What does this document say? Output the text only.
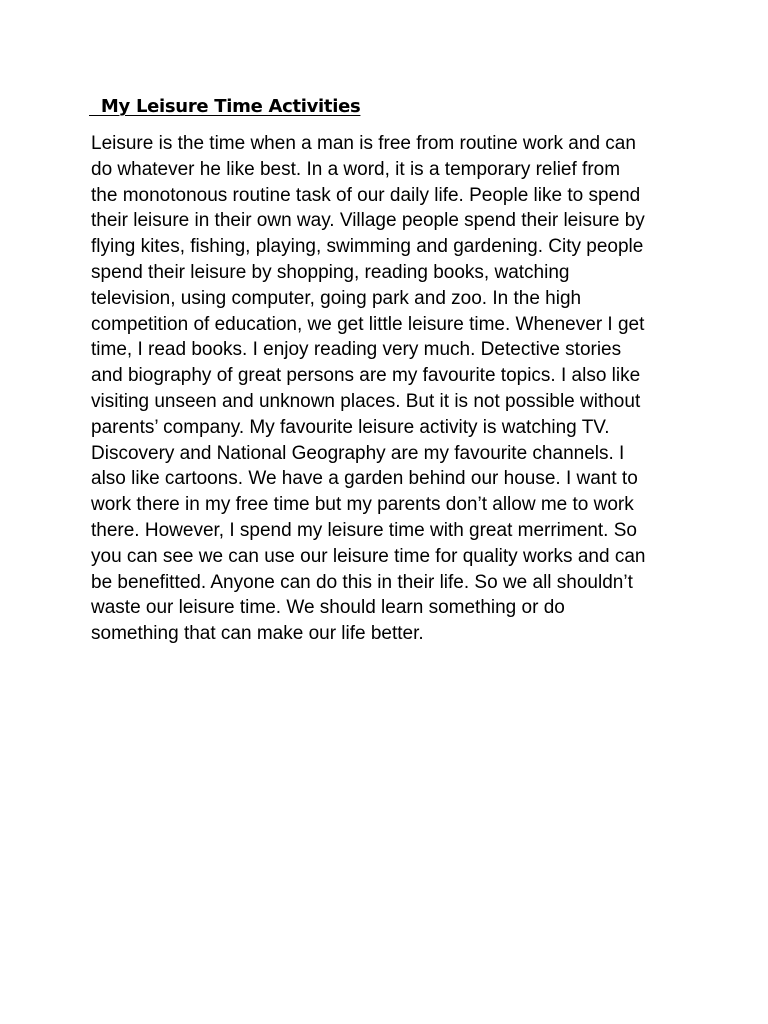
My Leisure Time Activities
Leisure is the time when a man is free from routine work and can
do whatever he like best. In a word, it is a temporary relief from
the monotonous routine task of our daily life. People like to spend
their leisure in their own way. Village people spend their leisure by
flying kites, fishing, playing, swimming and gardening. City people
spend their leisure by shopping, reading books, watching
television, using computer, going park and zoo. In the high
competition of education, we get little leisure time. Whenever I get
time, I read books. I enjoy reading very much. Detective stories
and biography of great persons are my favourite topics. I also like
visiting unseen and unknown places. But it is not possible without
parents’ company. My favourite leisure activity is watching TV.
Discovery and National Geography are my favourite channels. I
also like cartoons. We have a garden behind our house. I want to
work there in my free time but my parents don’t allow me to work
there. However, I spend my leisure time with great merriment. So
you can see we can use our leisure time for quality works and can
be benefitted. Anyone can do this in their life. So we all shouldn’t
waste our leisure time. We should learn something or do
something that can make our life better.
